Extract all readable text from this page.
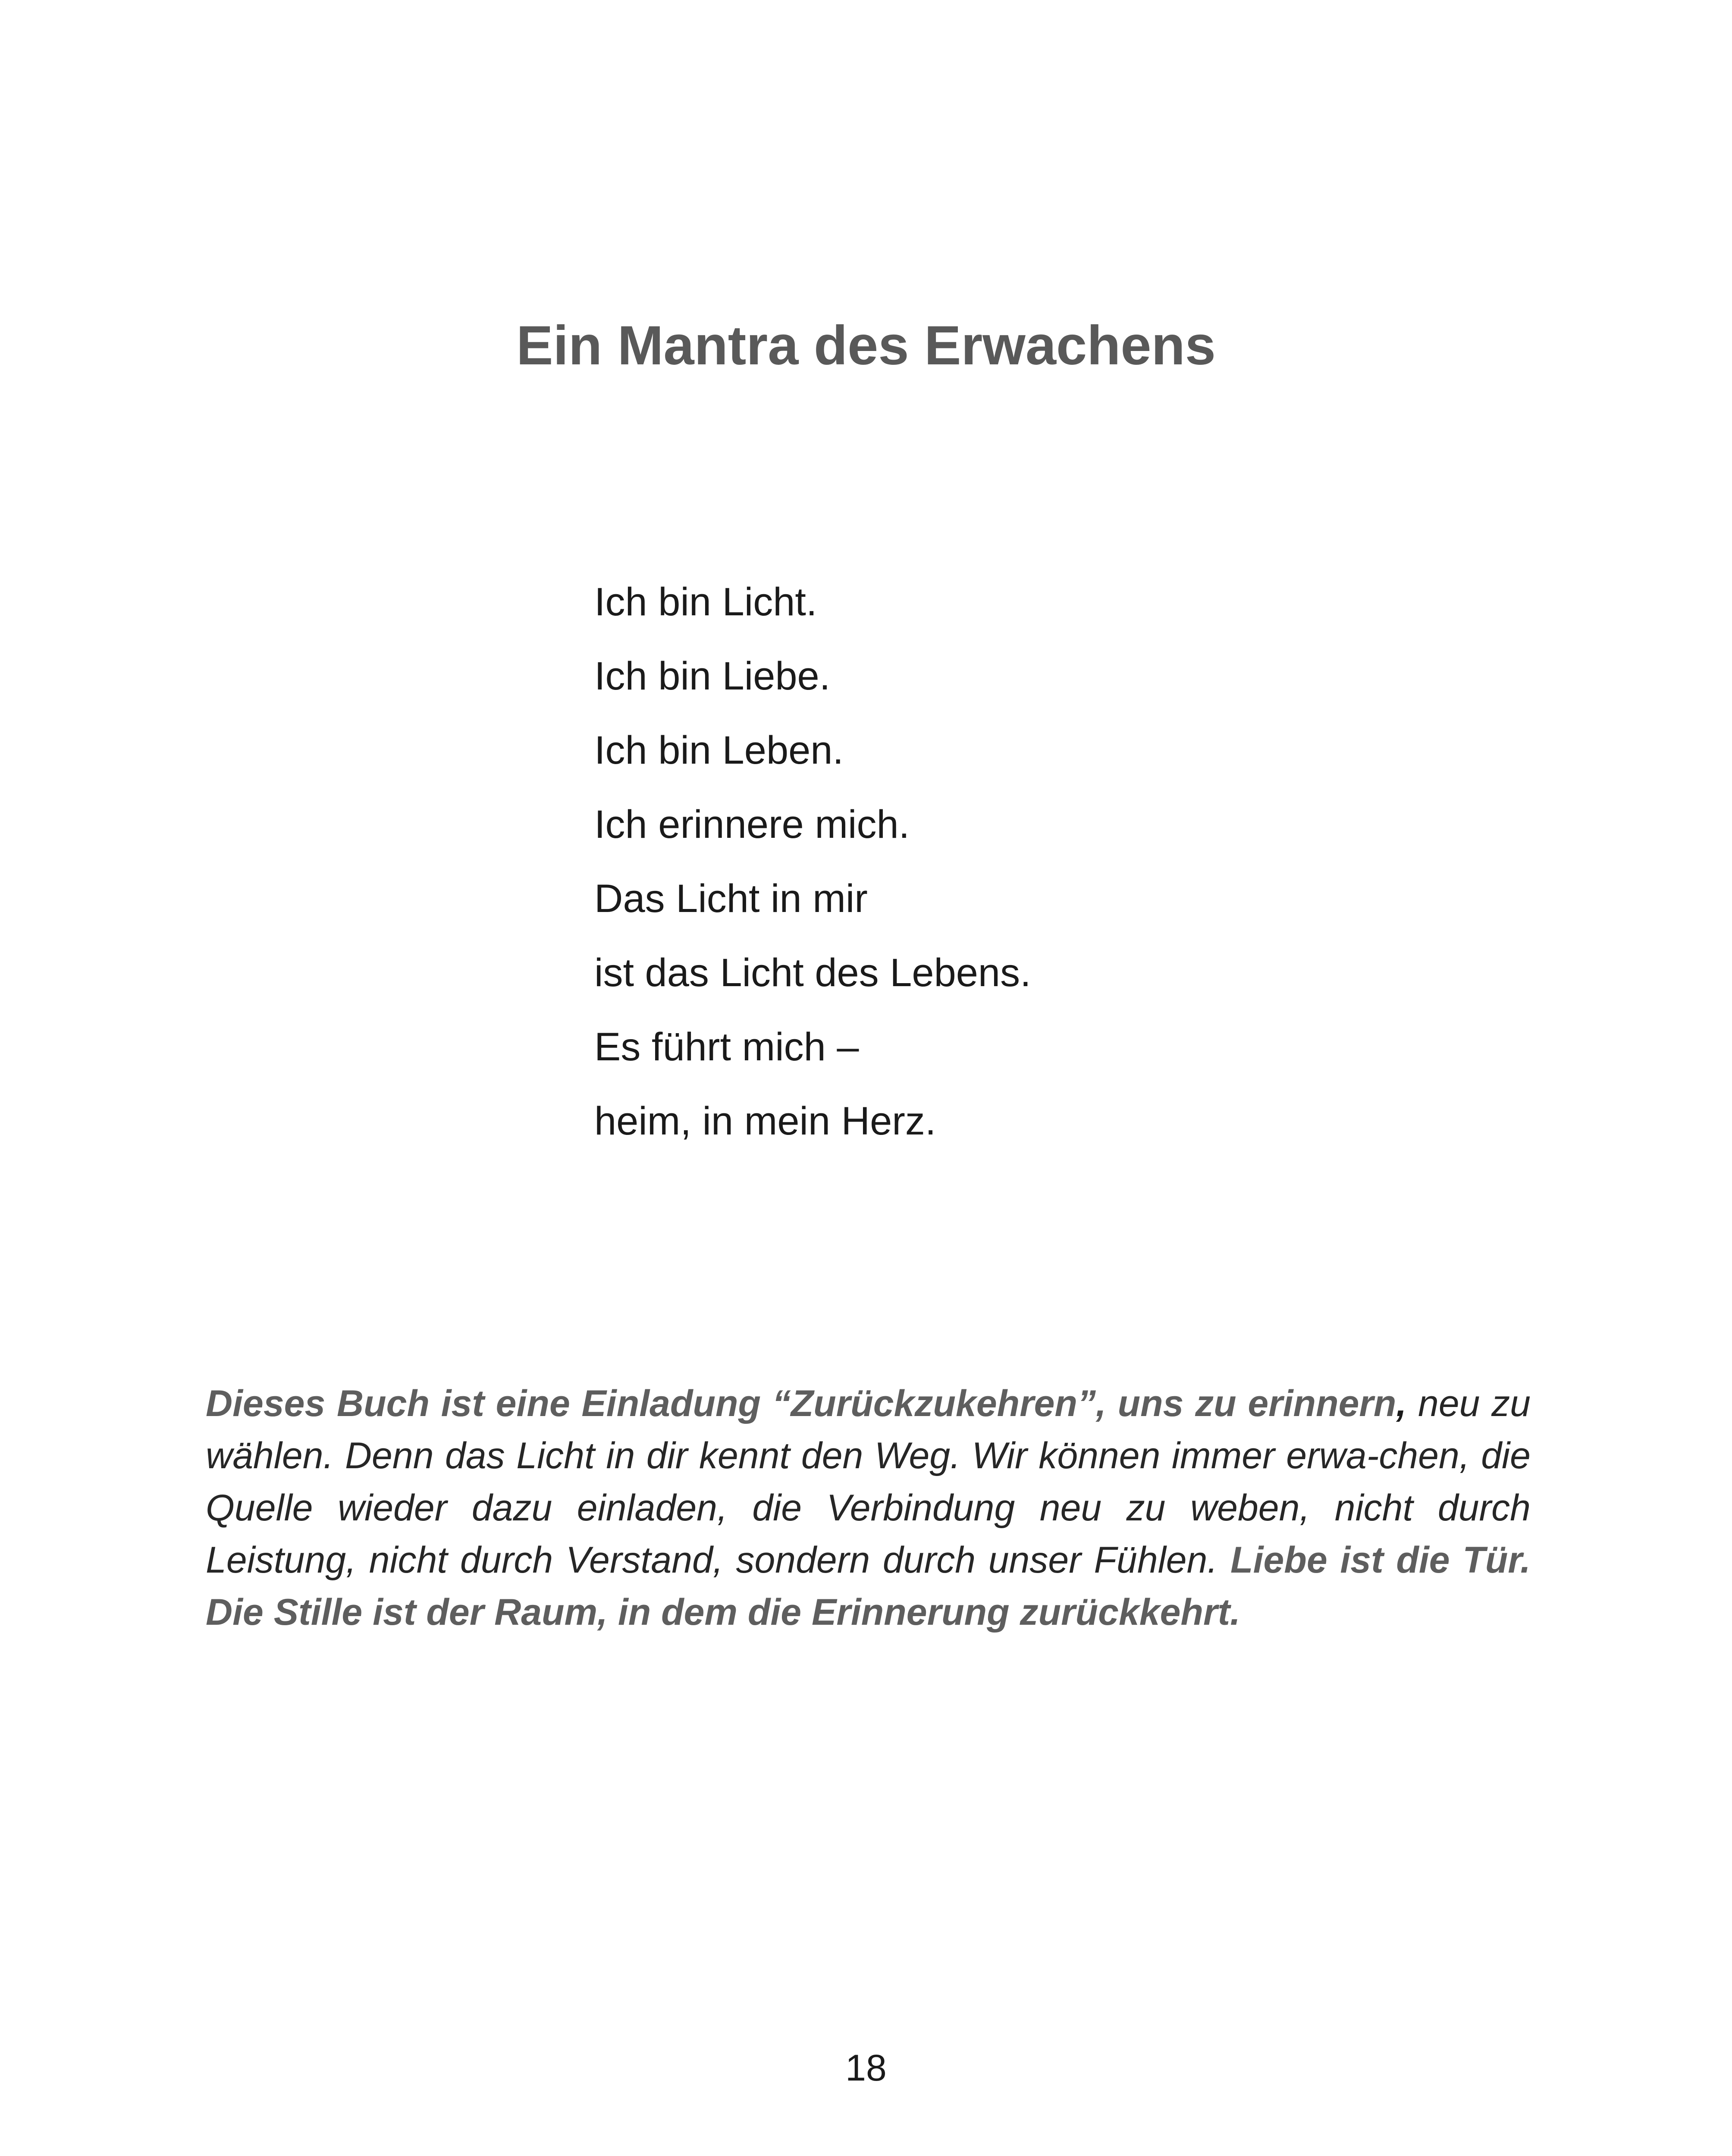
Ein Mantra des Erwachens
Ich bin Licht.
Ich bin Liebe.
Ich bin Leben.
Ich erinnere mich.
Das Licht in mir
ist das Licht des Lebens.
Es führt mich –
heim, in mein Herz.

Dieses Buch ist eine Einladung “Zurückzukehren”, uns zu erinnern, neu zu wählen. Denn das Licht in dir kennt den Weg. Wir können immer erwa-chen, die Quelle wieder dazu einladen, die Verbindung neu zu weben, nicht durch Leistung, nicht durch Verstand, sondern durch unser Fühlen. Liebe ist die Tür. Die Stille ist der Raum, in dem die Erinnerung zurückkehrt.

18
